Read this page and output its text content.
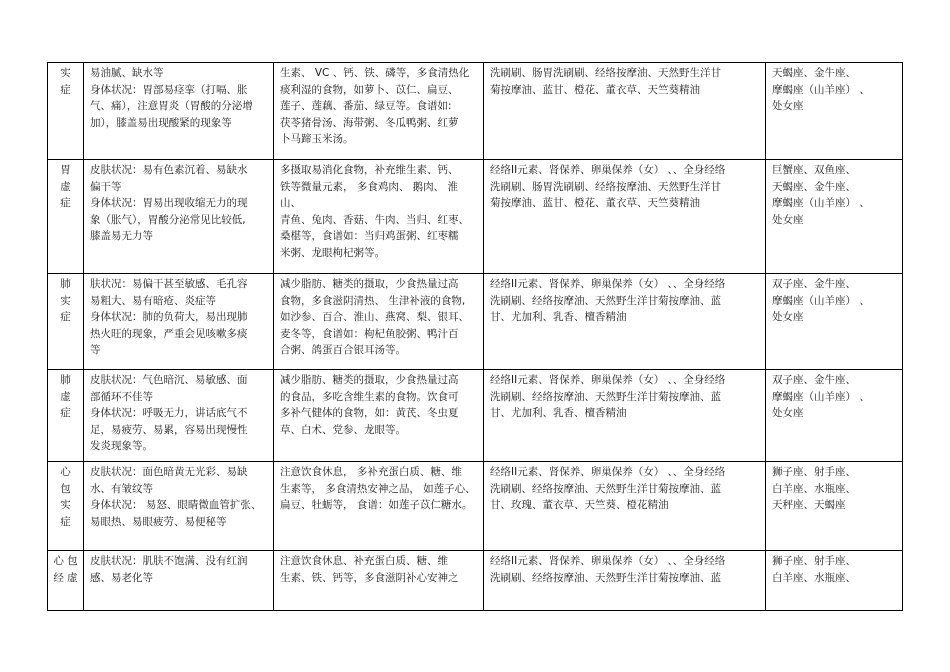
实
症	易油腻、缺水等
身体状况：胃部易痉挛（打嗝、胀
气、痛），注意胃炎（胃酸的分泌增
加），膝盖易出现酸紧的现象等	生素、 VC 、钙、铁、磷等，多食清热化
痰利湿的食物，如萝卜、苡仁、扁豆、
莲子、莲藕、番茄、绿豆等。食谱如:
茯苓猪骨汤、海带粥、冬瓜鸭粥、红萝
卜马蹄玉米汤。	洗刷刷、肠胃洗刷刷、经络按摩油、天然野生洋甘
菊按摩油、蓝甘、橙花、董衣草、天竺葵精油	天蝎座、金牛座、
摩蝎座（山羊座） 、
处女座

胃
虚
症	皮肤状况：易有色素沉着、易缺水
偏干等
身体状况：胃易出现收缩无力的现
象（胀气），胃酸分泌常见比较低,
膝盖易无力等	多摄取易消化食物，补充维生素、钙、
铁等微量元素， 多食鸡肉、 鹅肉、 淮山、
青鱼、兔肉、香菇、牛肉、当归、红枣、
桑椹等，食谱如：当归鸡蛋粥、红枣糯
米粥、龙眼枸杞粥等。	经络II元素、肾保养、卵巢保养（女） 、、全身经络
洗刷刷、肠胃洗刷刷、经络按摩油、天然野生洋甘
菊按摩油、蓝甘、橙花、董衣草、天竺葵精油	巨蟹座、双鱼座、
天蝎座、金牛座、
摩蝎座（山羊座） 、
处女座

肺
实
症	肤状况：易偏干甚至敏感、毛孔容
易粗大、易有暗疮、炎症等
身体状况：肺的负荷大，易出现肺
热火旺的现象，严重会见咳嗽多痰
等	减少脂肪、糖类的摄取，少食热量过高
食物，多食滋阴清热、 生津补液的食物,
如沙参、百合、淮山、燕窝、梨、银耳、
麦冬等，食谱如：枸杞鱼胶粥、鸭汁百
合粥、鸽蛋百合银耳汤等。	经络II元素、肾保养、卵巢保养（女） 、、全身经络
洗刷刷、经络按摩油、天然野生洋甘菊按摩油、蓝
甘、尤加利、乳香、檀香精油	双子座、金牛座、
摩蝎座（山羊座） 、
处女座

肺
虚
症	皮肤状况：气色暗沉、易敏感、面
部循环不佳等
身体状况：呼吸无力，讲话底气不
足，易疲劳、易累，容易出现慢性
发炎现象等。	减少脂肪、糖类的摄取，少食热量过高
的食品，多吃含维生素的食物。饮食可
多补气健体的食物，如：黄芪、冬虫夏
草、白术、党参、龙眼等。	经络II元素、肾保养、卵巢保养（女） 、、全身经络
洗刷刷、经络按摩油、天然野生洋甘菊按摩油、蓝
甘、尤加利、乳香、檀香精油	双子座、金牛座、
摩蝎座（山羊座） 、
处女座

心
包
实
症	皮肤状况：面色暗黄无光彩、易缺
水、有皱纹等
身体状况： 易怒、眼睛微血管扩张、
易眼热、易眼疲劳、易便秘等	注意饮食休息， 多补充蛋白质、糖、维
生素等， 多食清热安神之品， 如莲子心、
扁豆、牡蛎等， 食谱：如莲子苡仁糖水。	经络II元素、肾保养、卵巢保养（女） 、、全身经络
洗刷刷、经络按摩油、天然野生洋甘菊按摩油、蓝
甘、玫瑰、董衣草、天竺葵、橙花精油	狮子座、射手座、
白羊座、水瓶座、
天秤座、天蝎座

心 包
经 虚	皮肤状况：肌肤不饱满、没有红润
感、易老化等	注意饮食休息、补充蛋白质、糖、维
生素、铁、钙等，多食滋阴补心安神之	经络II元素、肾保养、卵巢保养（女） 、、全身经络
洗刷刷、经络按摩油、天然野生洋甘菊按摩油、蓝	狮子座、射手座、
白羊座、水瓶座、
